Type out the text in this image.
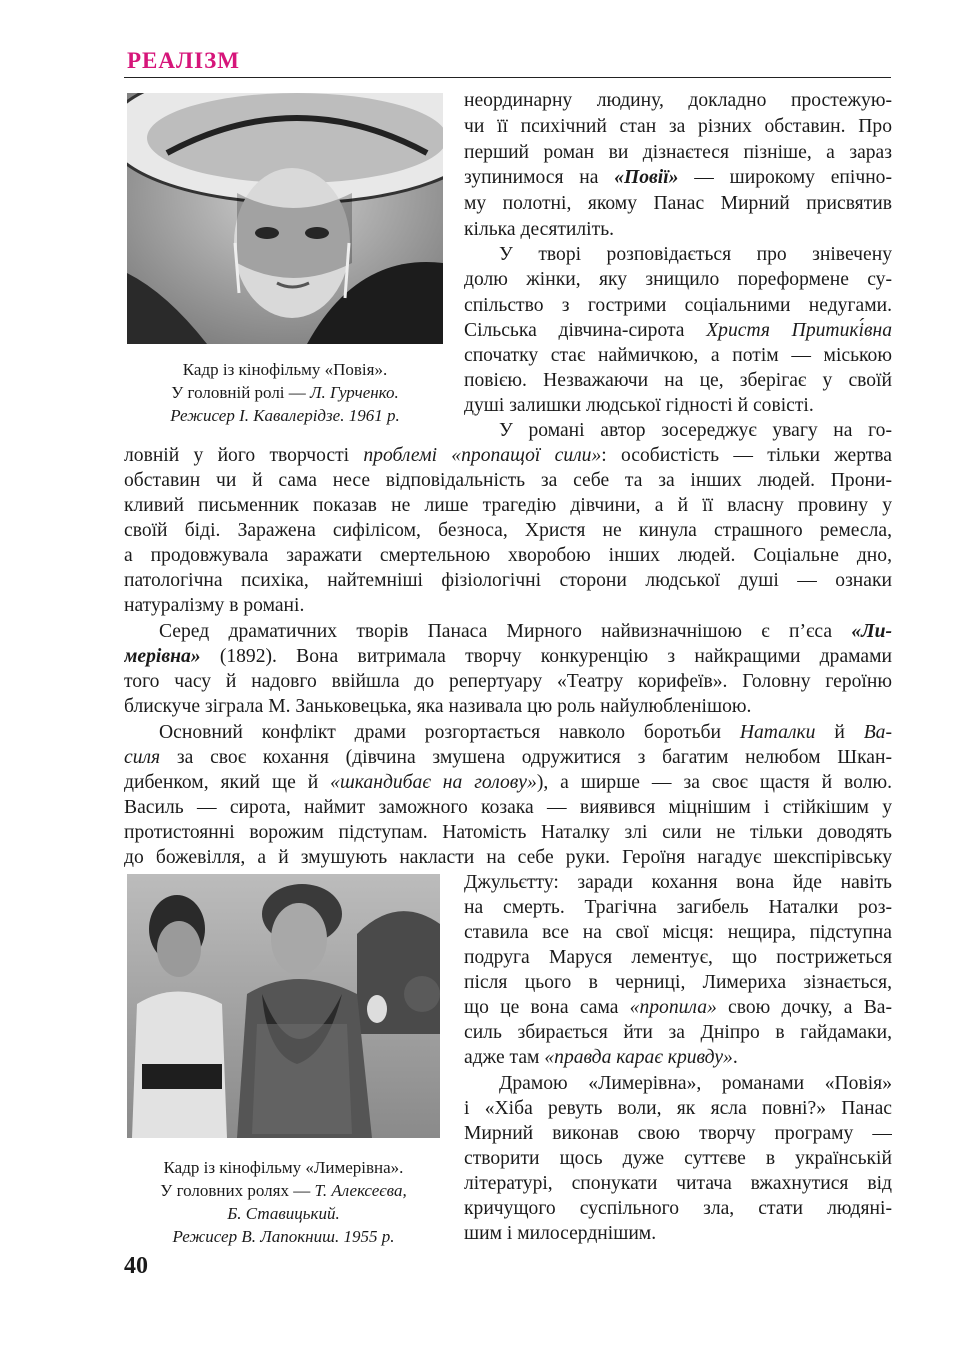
РЕАЛІЗМ
Кадр із кінофільму «Повія».
У головній ролі — Л. Гурченко.
Режисер І. Кавалерідзе. 1961 р.
неординарну людину, докладно простежую-
чи її психічний стан за різних обставин. Про
перший роман ви дізнаєтеся пізніше, а зараз
зупинимося на «Повії» — широкому епічно-
му полотні, якому Панас Мирний присвятив
кілька десятиліть.
У творі розповідається про знівечену
долю жінки, яку знищило пореформене су-
спільство з гострими соціальними недугами.
Сільська дівчина-сирота Христя Притикі́вна
спочатку стає наймичкою, а потім — міською
повією. Незважаючи на це, зберігає у своїй
душі залишки людської гідності й совісті.
У романі автор зосереджує увагу на го-
ловній у його творчості проблемі «пропащої сили»: особистість — тільки жертва
обставин чи й сама несе відповідальність за себе та за інших людей. Прони-
кливий письменник показав не лише трагедію дівчини, а й її власну провину у
своїй біді. Заражена сифілісом, безноса, Христя не кинула страшного ремесла,
а продовжувала заражати смертельною хворобою інших людей. Соціальне дно,
патологічна психіка, найтемніші фізіологічні сторони людської душі — ознаки
натуралізму в романі.
Серед драматичних творів Панаса Мирного найвизначнішою є п’єса «Ли-
мерівна» (1892). Вона витримала творчу конкуренцію з найкращими драмами
того часу й надовго ввійшла до репертуару «Театру корифеїв». Головну героїню
блискуче зіграла М. Заньковецька, яка називала цю роль найулюбленішою.
Основний конфлікт драми розгортається навколо боротьби Наталки й Ва-
силя за своє кохання (дівчина змушена одружитися з багатим нелюбом Шкан-
дибенком, який ще й «шкандибає на голову»), а ширше — за своє щастя й волю.
Василь — сирота, наймит заможного козака — виявився міцнішим і стійкішим у
протистоянні ворожим підступам. Натомість Наталку злі сили не тільки доводять
до божевілля, а й змушують накласти на себе руки. Героїня нагадує шекспірівську
Кадр із кінофільму «Лимерівна».
У головних ролях — Т. Алексеєва,
Б. Ставицький.
Режисер В. Лапокниш. 1955 р.
Джульєтту: заради кохання вона йде навіть
на смерть. Трагічна загибель Наталки роз-
ставила все на свої місця: нещира, підступна
подруга Маруся лементує, що пострижеться
після цього в черниці, Лимериха зізнається,
що це вона сама «пропила» свою дочку, а Ва-
силь збирається йти за Дніпро в гайдамаки,
адже там «правда карає кривду».
Драмою «Лимерівна», романами «Повія»
і «Хіба ревуть воли, як ясла повні?» Панас
Мирний виконав свою творчу програму —
створити щось дуже суттєве в українській
літературі, спонукати читача вжахнутися від
кричущого суспільного зла, стати людяні-
шим і милосерднішим.
40
